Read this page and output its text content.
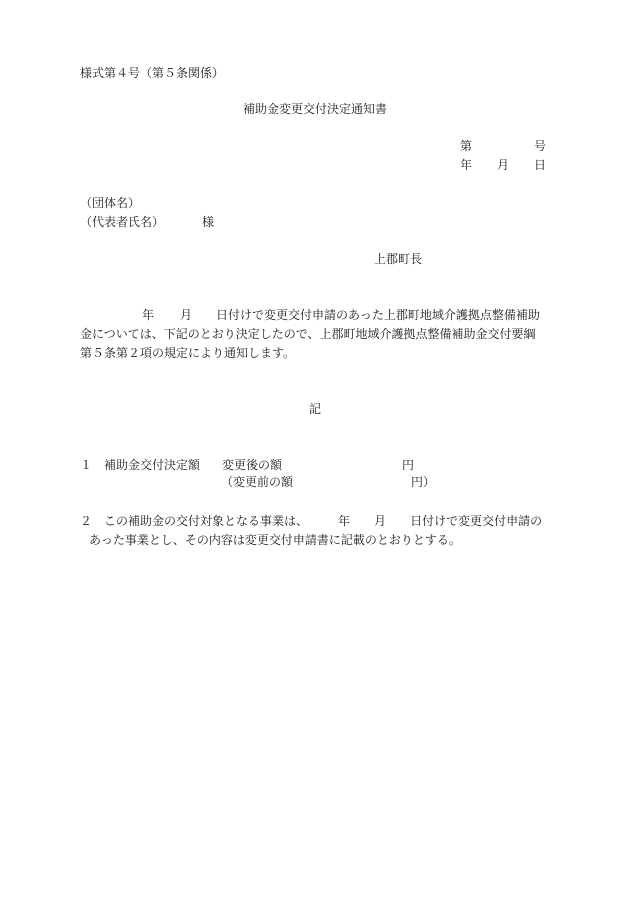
様式第４号（第５条関係）
補助金変更交付決定通知書
第	号
年 月 日
（団体名）
（代表者氏名）	様
上郡町長
年 月 日付けで変更交付申請のあった上郡町地域介護拠点整備補助
金については、下記のとおり決定したので、上郡町地域介護拠点整備補助金交付要綱
第５条第２項の規定により通知します。
記
１ 補助金交付決定額 変更後の額	円
（変更前の額	円）
２ この補助金の交付対象となる事業は、	年 月 日付けで変更交付申請の
あった事業とし、その内容は変更交付申請書に記載のとおりとする。
